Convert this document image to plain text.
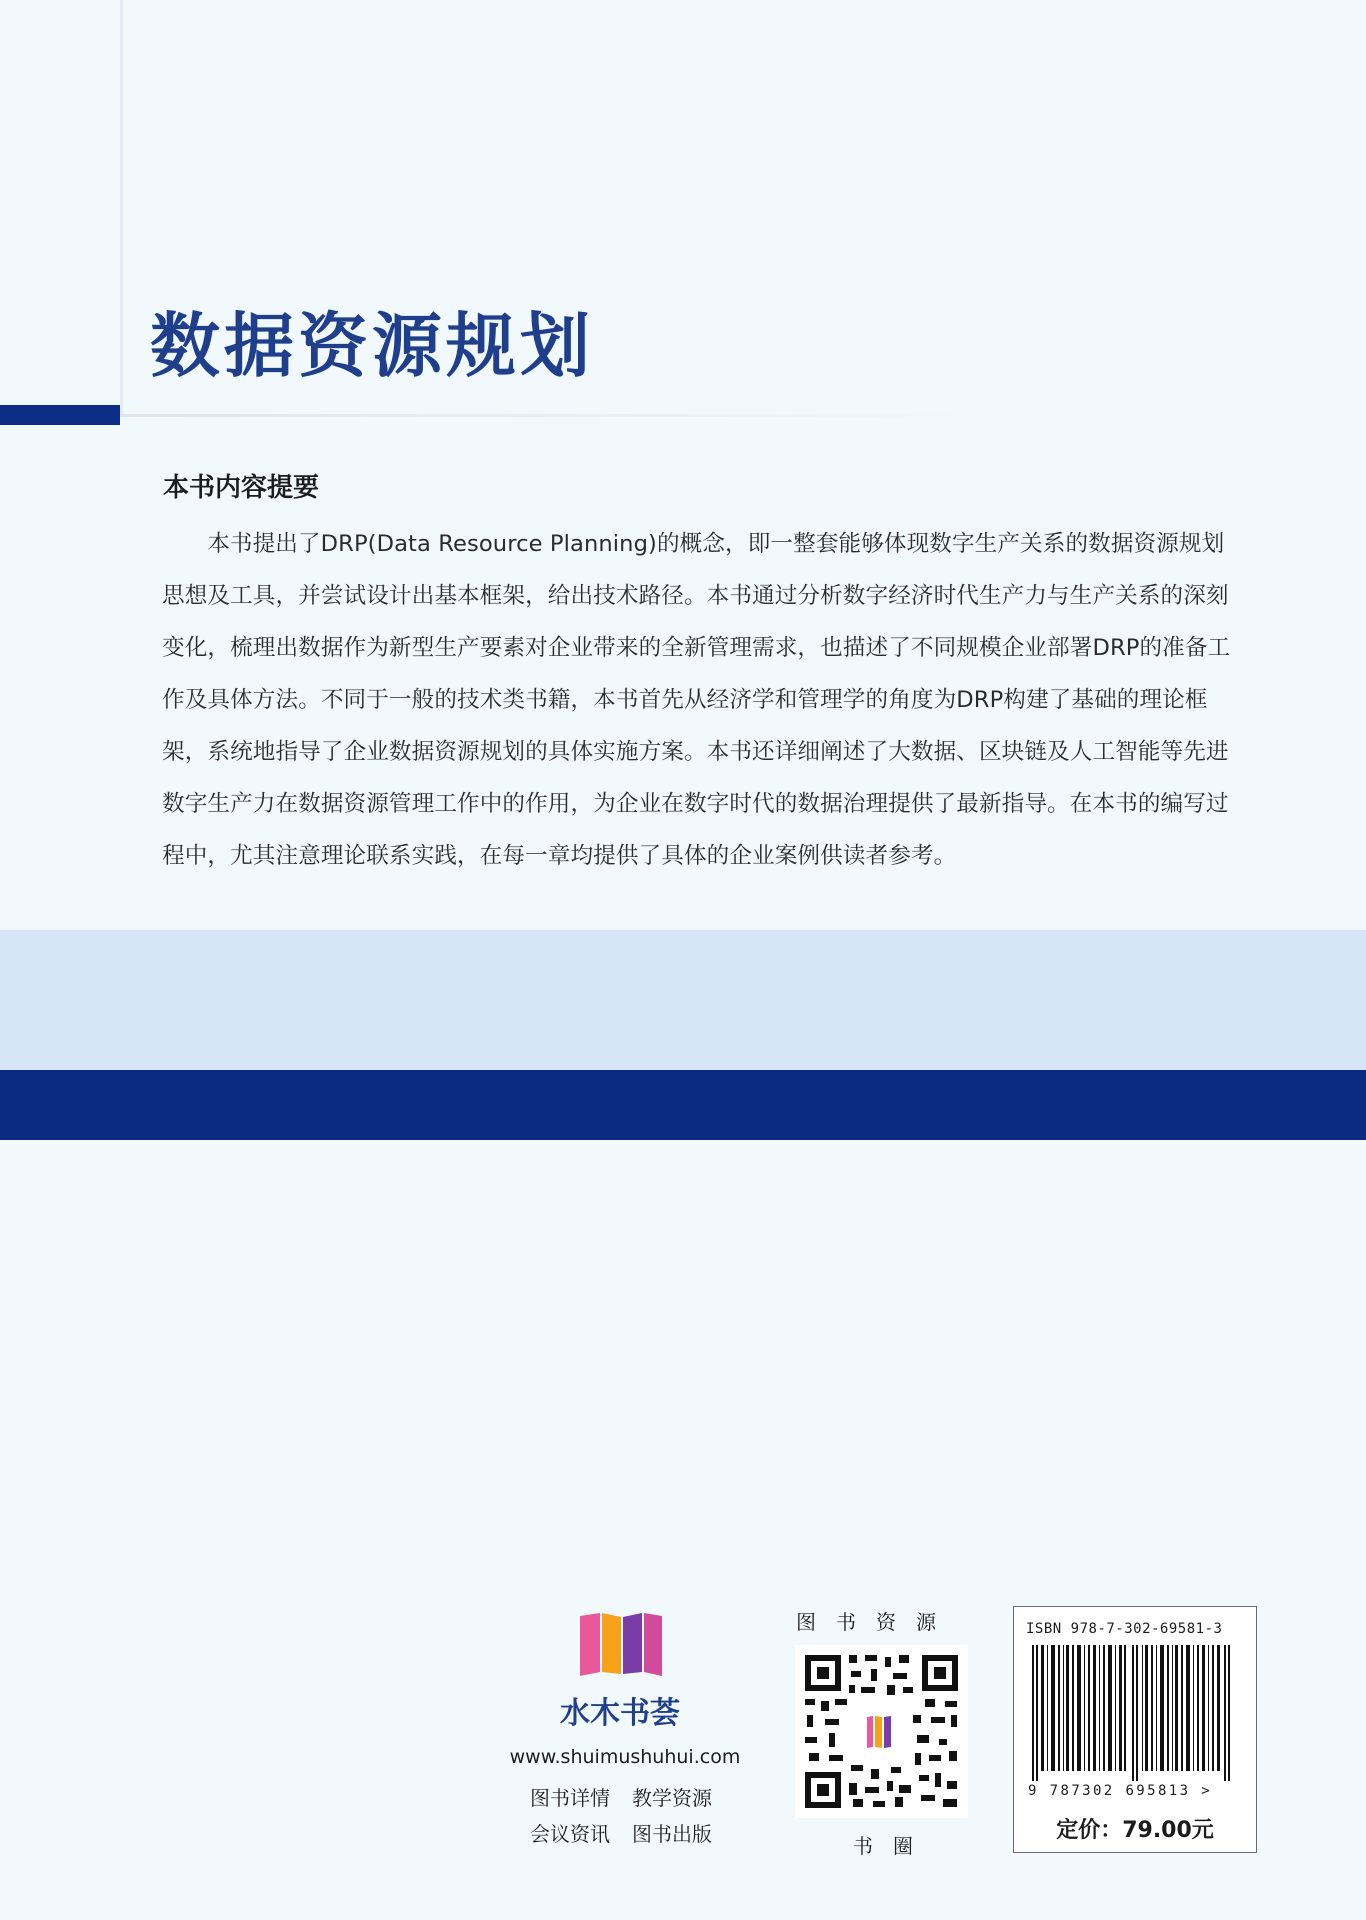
数据资源规划
本书内容提要

本书提出了DRP(Data Resource Planning)的概念，即一整套能够体现数字生产关系的数据资源规划思想及工具，并尝试设计出基本框架，给出技术路径。本书通过分析数字经济时代生产力与生产关系的深刻变化，梳理出数据作为新型生产要素对企业带来的全新管理需求，也描述了不同规模企业部署DRP的准备工作及具体方法。不同于一般的技术类书籍，本书首先从经济学和管理学的角度为DRP构建了基础的理论框架，系统地指导了企业数据资源规划的具体实施方案。本书还详细阐述了大数据、区块链及人工智能等先进数字生产力在数据资源管理工作中的作用，为企业在数字时代的数据治理提供了最新指导。在本书的编写过程中，尤其注意理论联系实践，在每一章均提供了具体的企业案例供读者参考。

水木书荟
www.shuimushuhui.com
图书详情 教学资源
会议资讯 图书出版
图书资源
书圈
ISBN 978-7-302-69581-3
9 787302 695813 >
定价：79.00元
